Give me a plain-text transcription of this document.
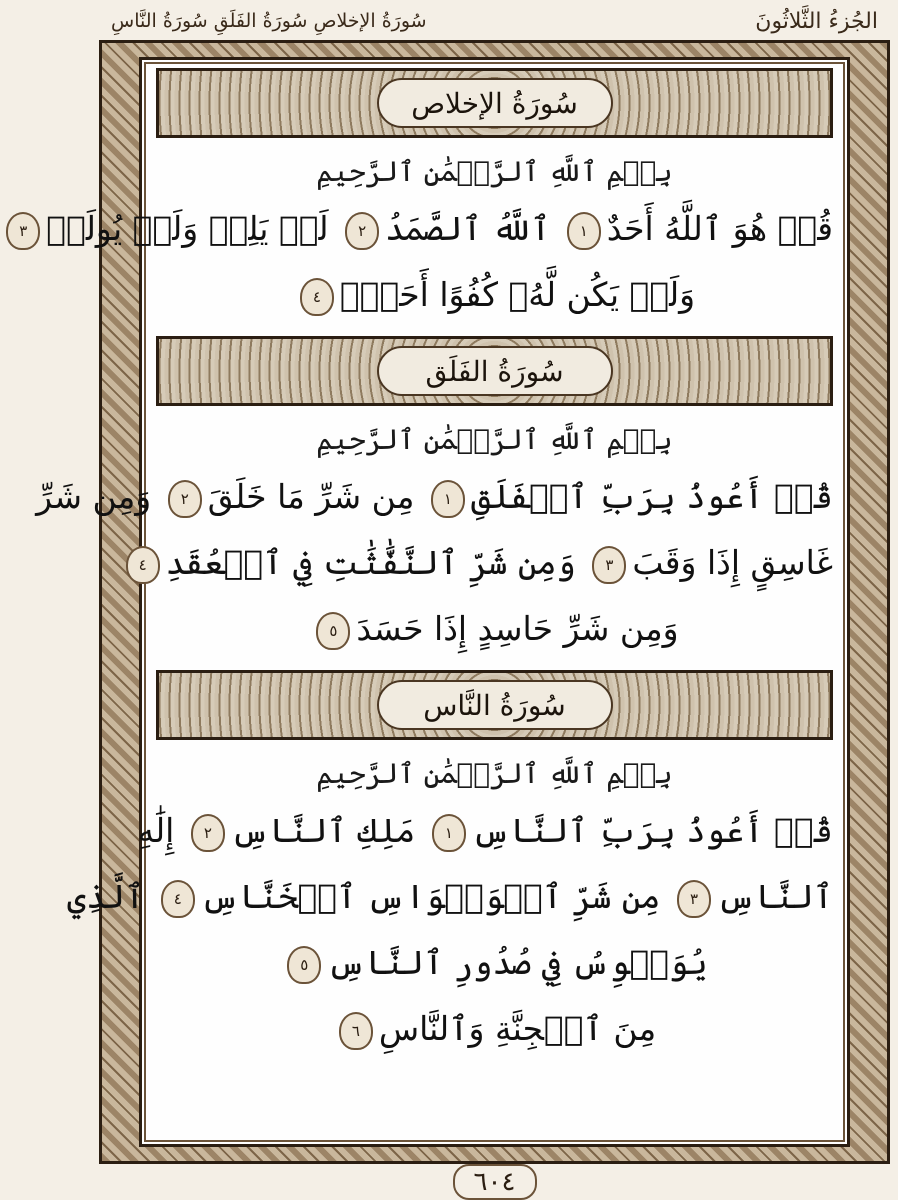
الجُزءُ الثَّلاثُونَ
سُورَةُ الإخلاصِ سُورَةُ الفَلَقِ سُورَةُ النَّاسِ
سُورَةُ الإخلاص
بِسۡمِ ٱللَّهِ ٱلرَّحۡمَٰنِ ٱلرَّحِيمِ
قُلۡ هُوَ ٱللَّهُ أَحَدٌ١ ٱللَّهُ ٱلصَّمَدُ٢ لَمۡ يَلِدۡ وَلَمۡ يُولَدۡ٣
وَلَمۡ يَكُن لَّهُۥ كُفُوًا أَحَدُۢ٤
سُورَةُ الفَلَق
بِسۡمِ ٱللَّهِ ٱلرَّحۡمَٰنِ ٱلرَّحِيمِ
قُلۡ أَعُوذُ بِرَبِّ ٱلۡفَلَقِ١ مِن شَرِّ مَا خَلَقَ٢ وَمِن شَرِّ
غَاسِقٍ إِذَا وَقَبَ٣ وَمِن شَرِّ ٱلنَّفَّٰثَٰتِ فِي ٱلۡعُقَدِ٤
وَمِن شَرِّ حَاسِدٍ إِذَا حَسَدَ٥
سُورَةُ النَّاس
بِسۡمِ ٱللَّهِ ٱلرَّحۡمَٰنِ ٱلرَّحِيمِ
قُلۡ أَعُوذُ بِرَبِّ ٱلنَّاسِ١ مَلِكِ ٱلنَّاسِ٢ إِلَٰهِ
ٱلنَّاسِ٣ مِن شَرِّ ٱلۡوَسۡوَاسِ ٱلۡخَنَّاسِ٤ ٱلَّذِي
يُوَسۡوِسُ فِي صُدُورِ ٱلنَّاسِ٥
مِنَ ٱلۡجِنَّةِ وَٱلنَّاسِ٦
٦٠٤
